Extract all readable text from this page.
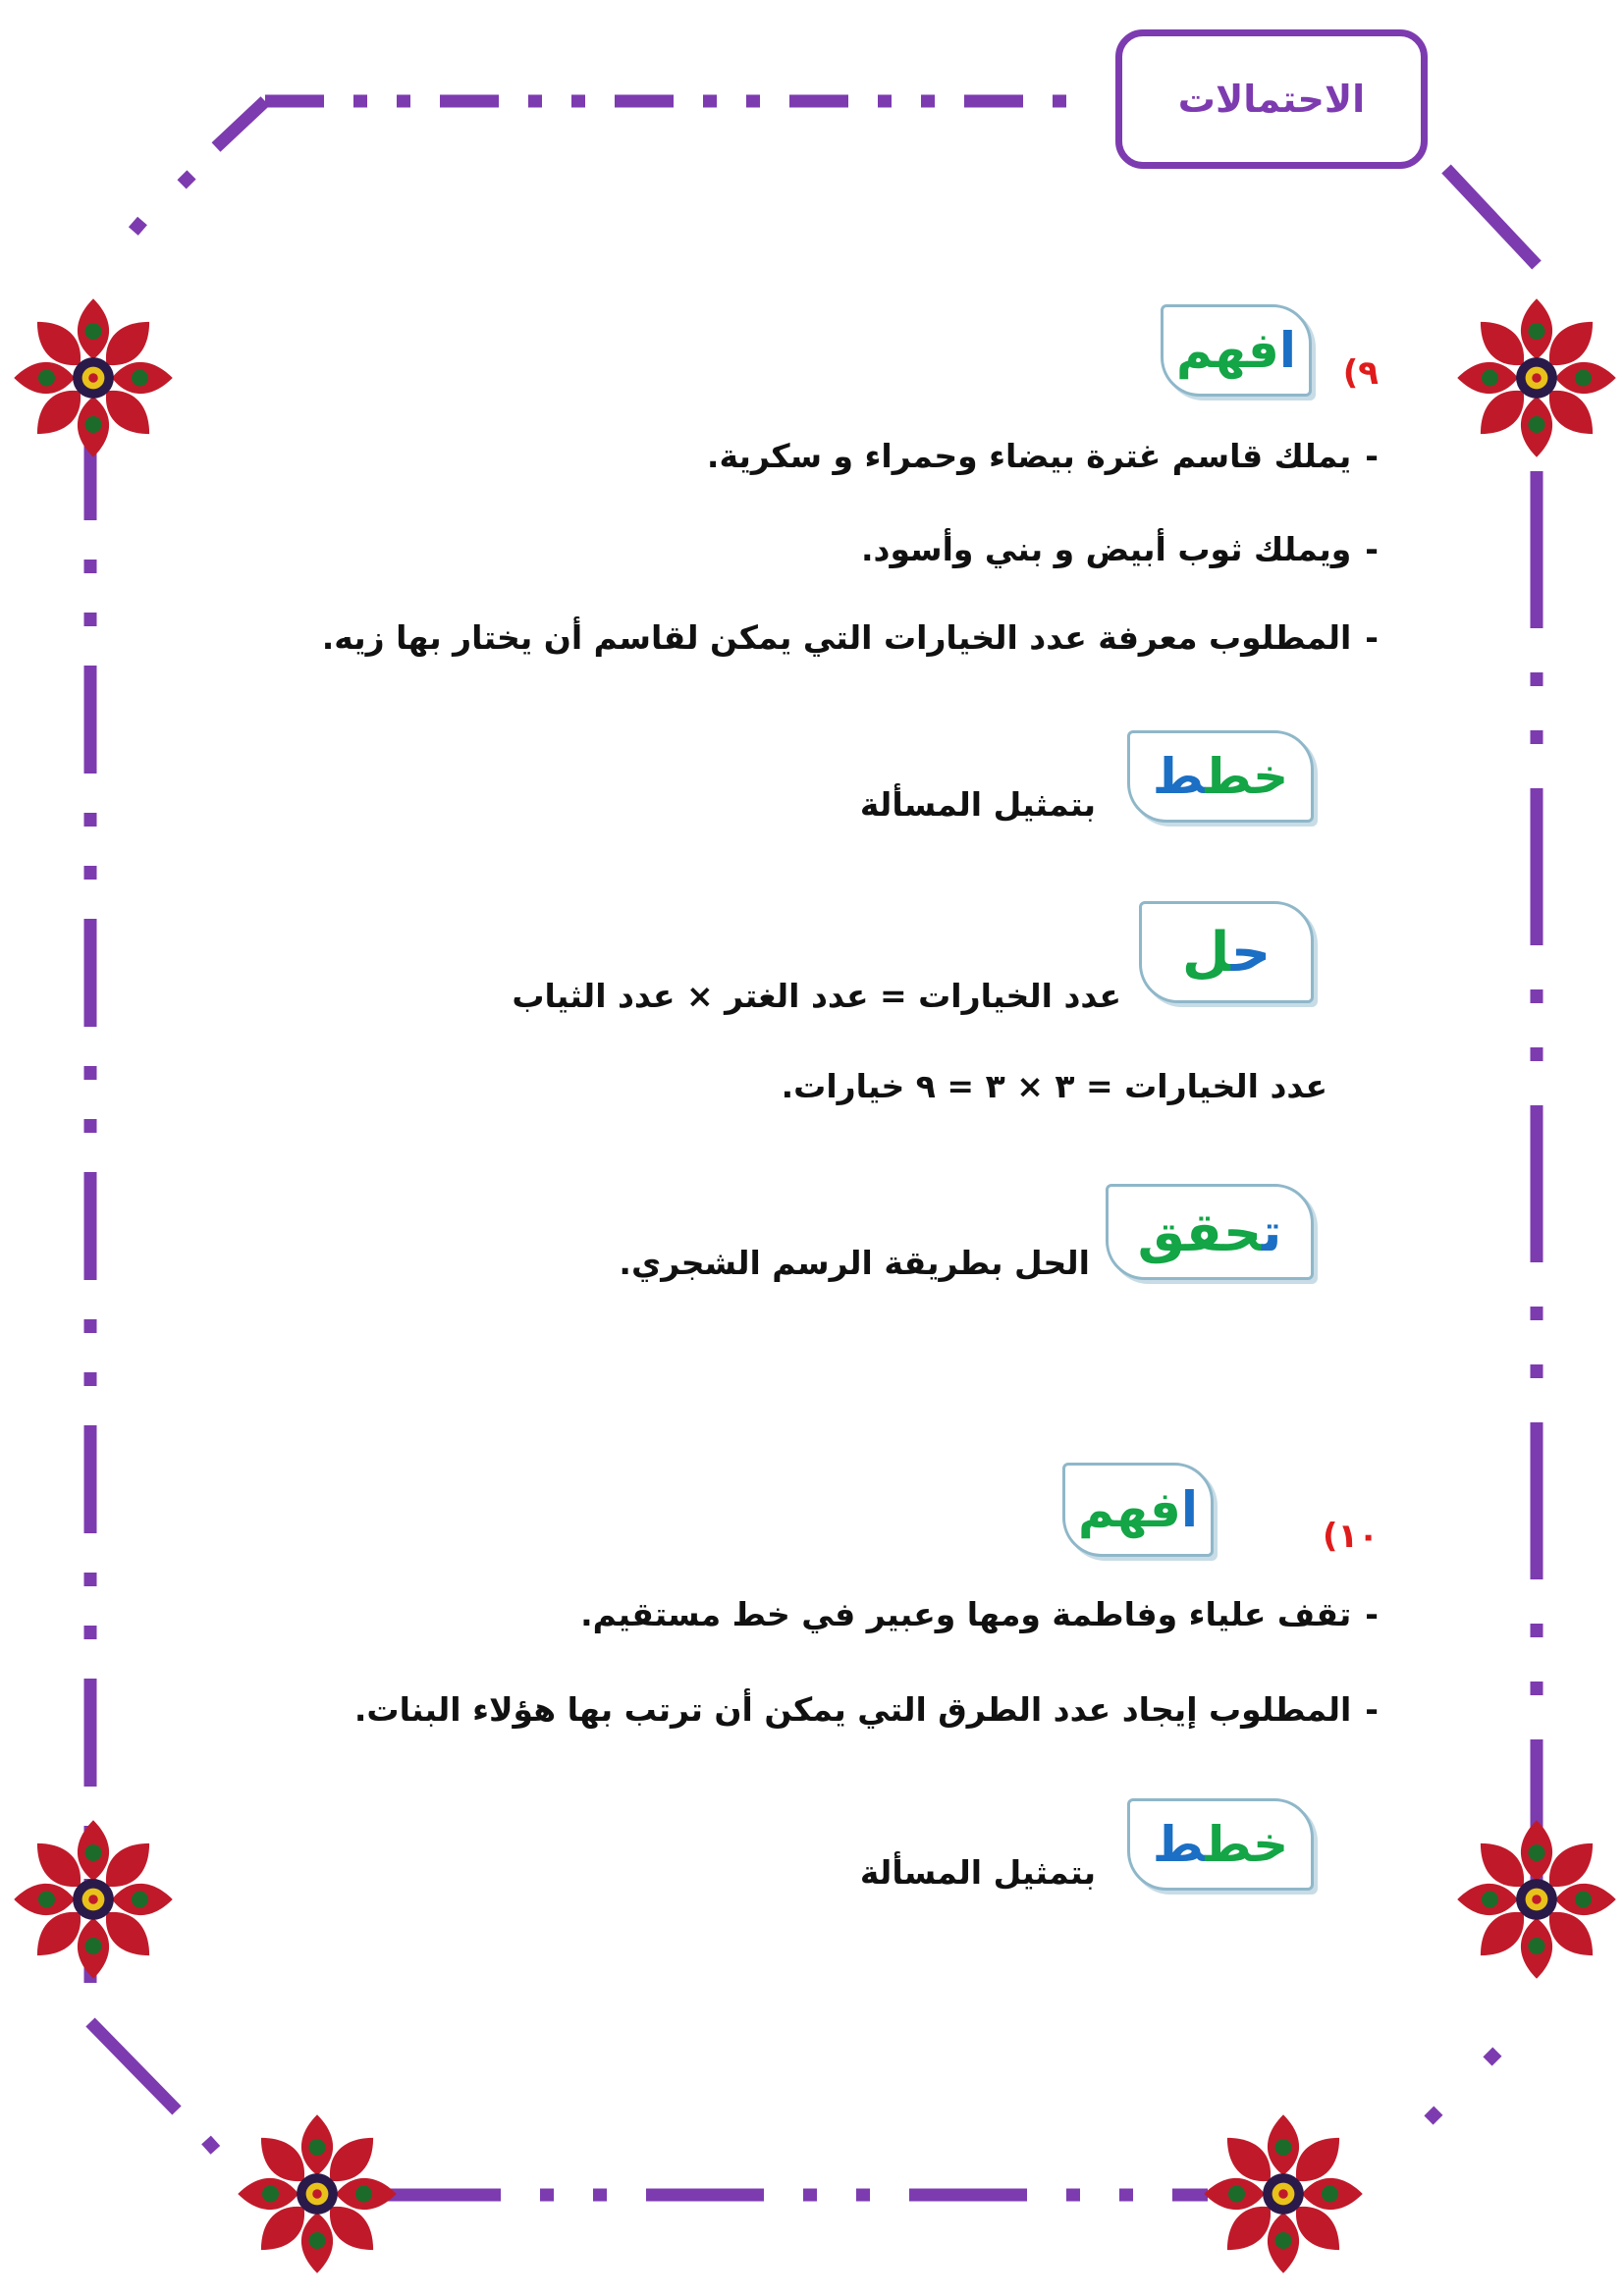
الاحتمالات
٩)
افهم
-يملك قاسم غترة بيضاء وحمراء و سكرية.
-ويملك ثوب أبيض و بني وأسود.
-المطلوب معرفة عدد الخيارات التي يمكن لقاسم أن يختار بها زيه.
خطط
بتمثيل المسألة
حل
عدد الخيارات = عدد الغتر × عدد الثياب
عدد الخيارات = ٣ × ٣ = ٩ خيارات.
تحقق
الحل بطريقة الرسم الشجري.
١٠)
افهم
-تقف علياء وفاطمة ومها وعبير في خط مستقيم.
-المطلوب إيجاد عدد الطرق التي يمكن أن ترتب بها هؤلاء البنات.
خطط
بتمثيل المسألة
